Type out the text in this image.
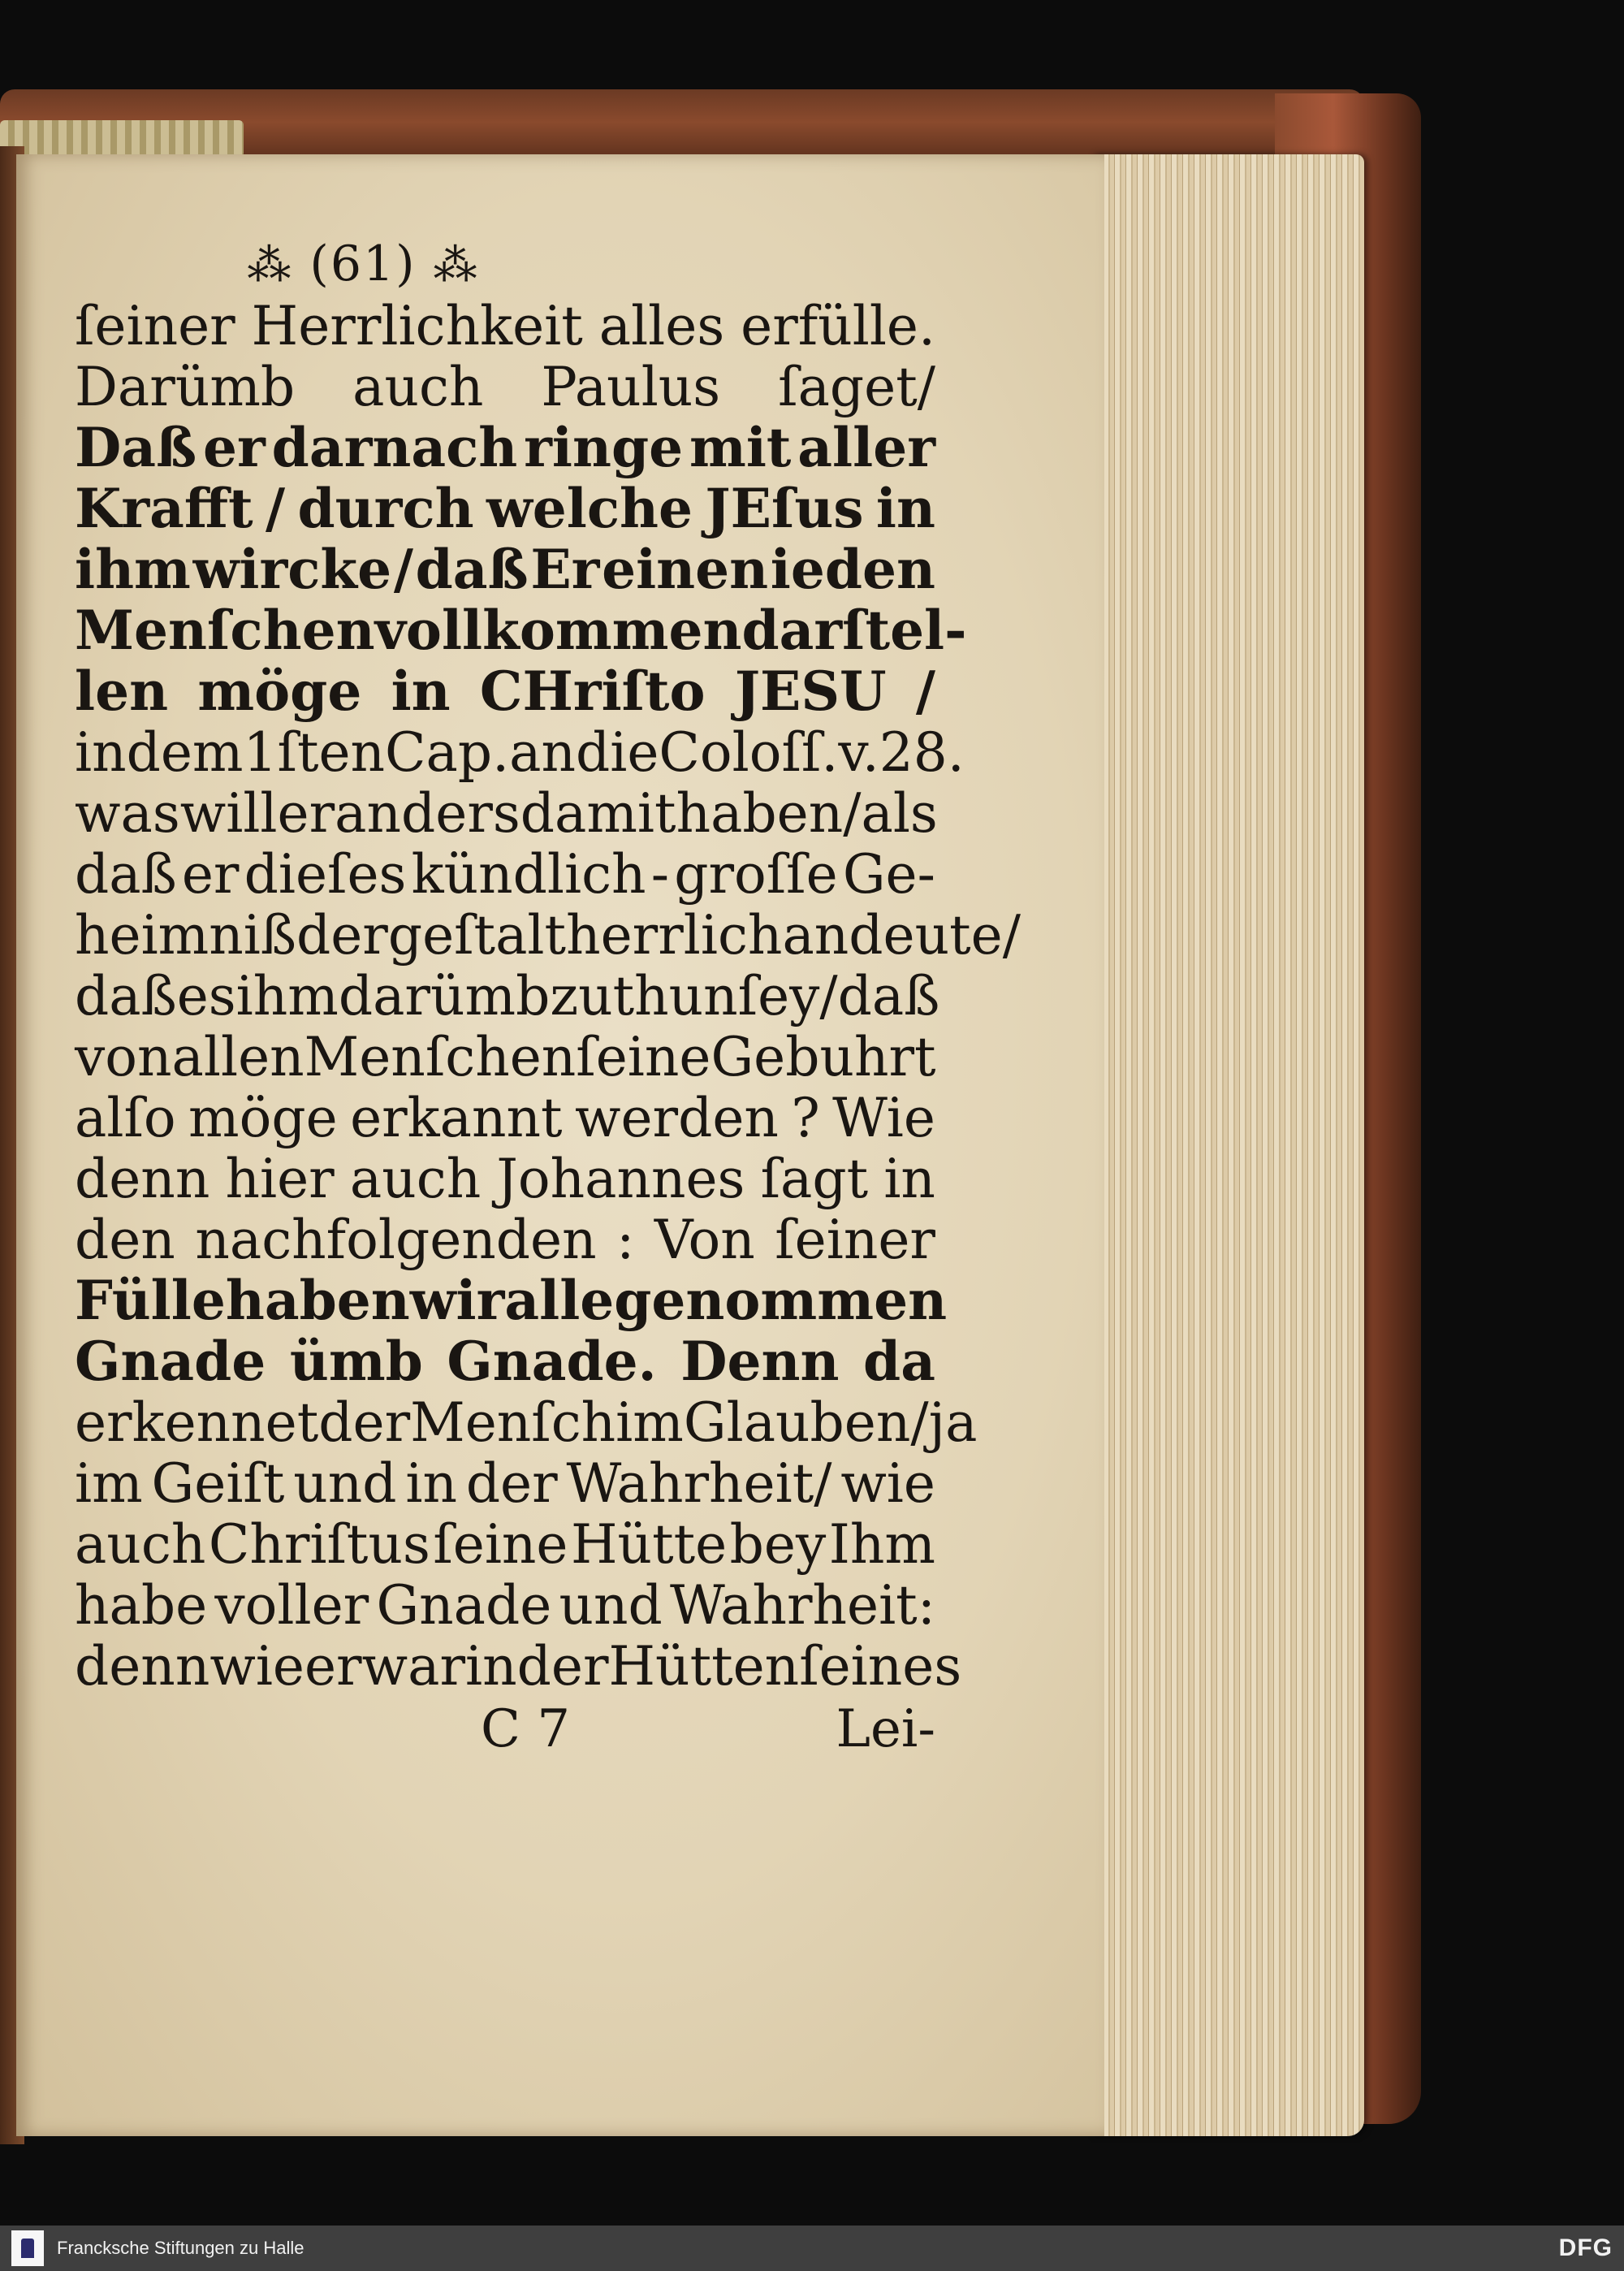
⁂ (61) ⁂
ſeiner Herrlichkeit alles erfülle.
Darümb auch Paulus ſaget/
Daß er darnach ringe mit aller
Krafft / durch welche JEſus in
ihm wircke / daß Er einen ieden
Menſchen vollkommen darſtel-
len möge in CHriſto JESU /
in dem 1ſten Cap. an die Coloſſ. v. 28.
was will er anders damit haben/ als
daß er dieſes kündlich - groſſe Ge-
heimniß dergeſtalt herrlich andeute/
daß es ihm darümb zu thun ſey/ daß
von allen Menſchen ſeine Gebuhrt
alſo möge erkannt werden ? Wie
denn hier auch Johannes ſagt in
den nachfolgenden : Von ſeiner
Fülle haben wir alle genommen
Gnade ümb Gnade. Denn da
erkennet der Menſch im Glauben/ ja
im Geiſt und in der Wahrheit/ wie
auch Chriſtus ſeine Hütte bey Ihm
habe voller Gnade und Wahrheit:
denn wie er war in der Hütten ſeines
C 7	Lei-
Francksche Stiftungen zu Halle	DFG
